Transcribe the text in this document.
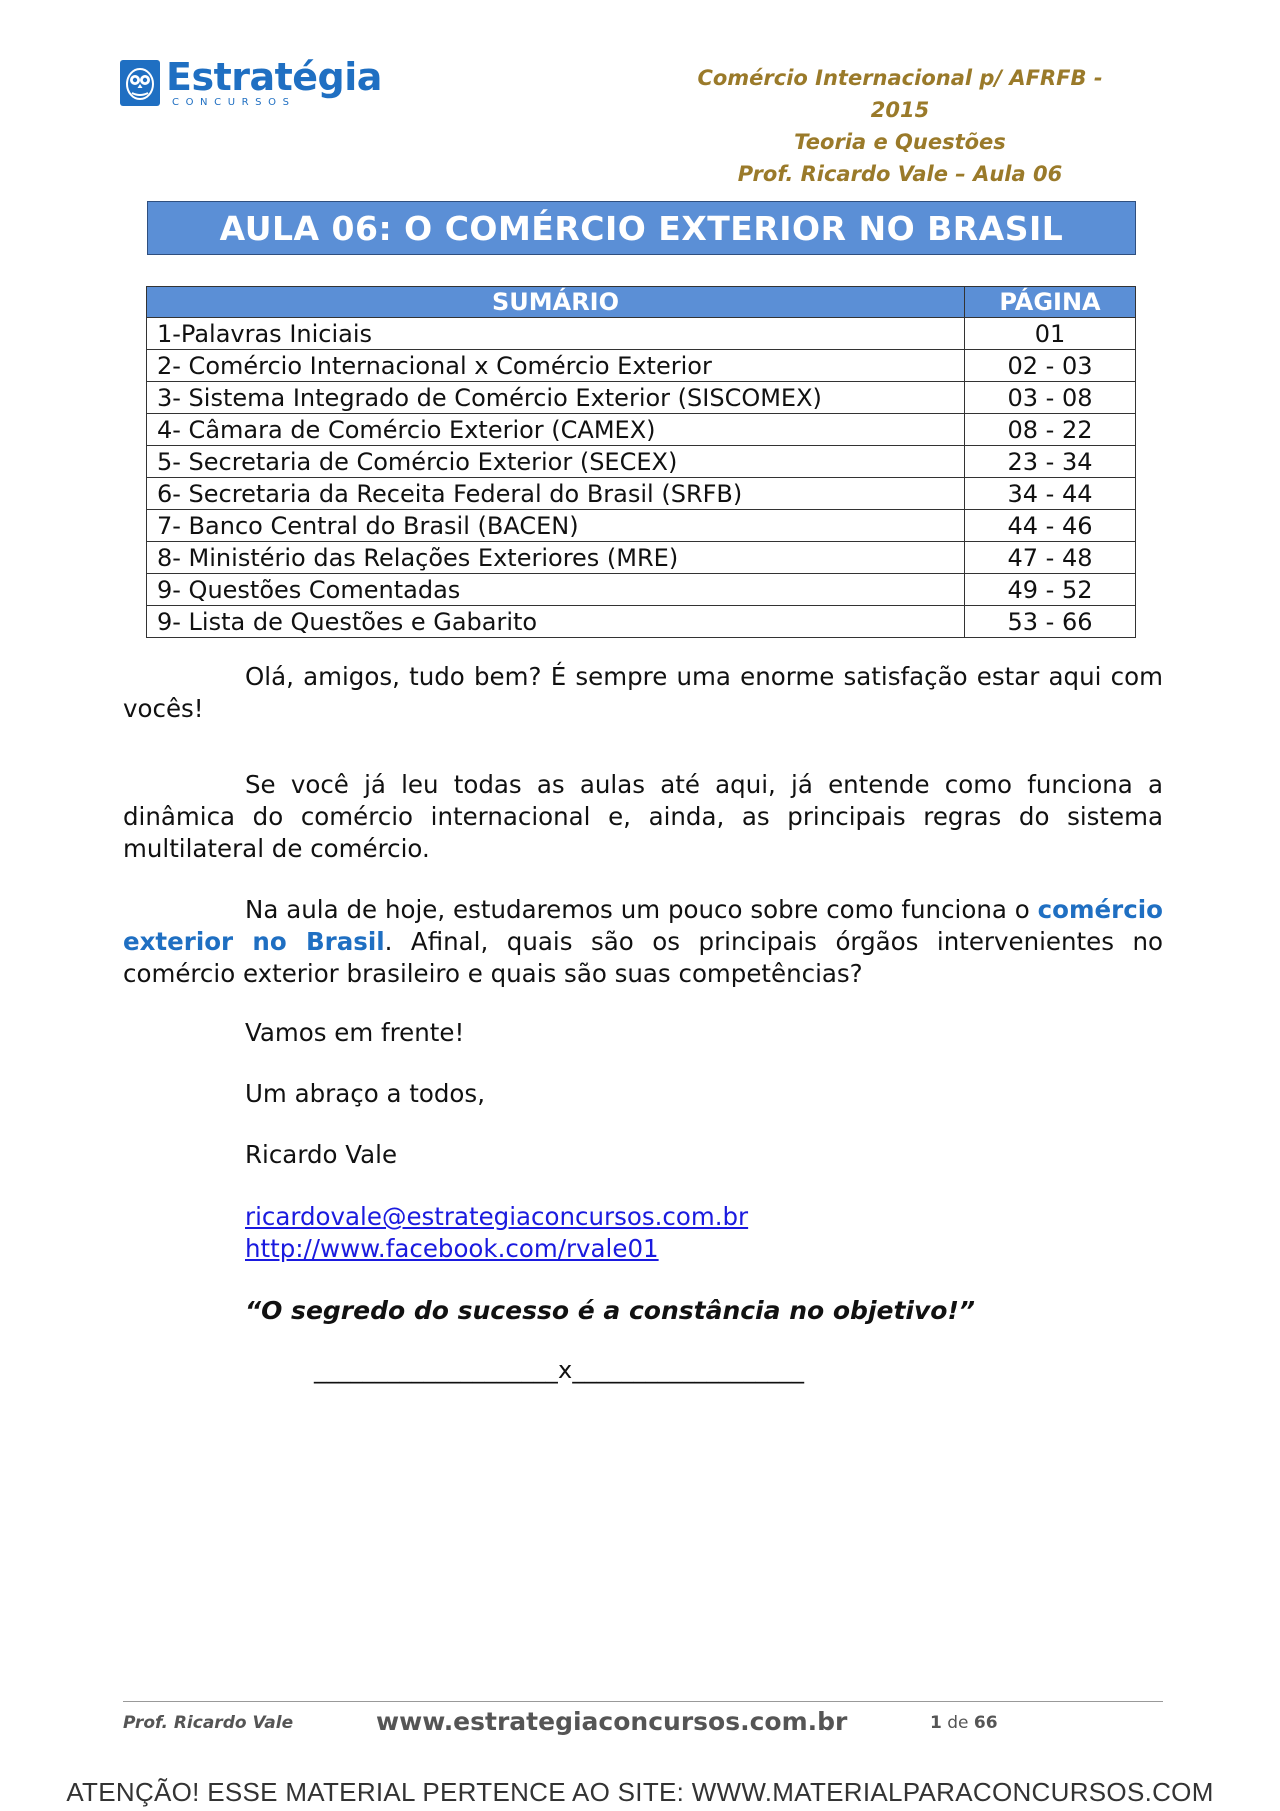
Estratégia
CONCURSOS
Comércio Internacional p/ AFRFB - 2015
Teoria e Questões
Prof. Ricardo Vale – Aula 06
AULA 06: O COMÉRCIO EXTERIOR NO BRASIL
SUMÁRIO	PÁGINA
1-Palavras Iniciais	01
2- Comércio Internacional x Comércio Exterior	02 - 03
3- Sistema Integrado de Comércio Exterior (SISCOMEX)	03 - 08
4- Câmara de Comércio Exterior (CAMEX)	08 - 22
5- Secretaria de Comércio Exterior (SECEX)	23 - 34
6- Secretaria da Receita Federal do Brasil (SRFB)	34 - 44
7- Banco Central do Brasil (BACEN)	44 - 46
8- Ministério das Relações Exteriores (MRE)	47 - 48
9- Questões Comentadas	49 - 52
9- Lista de Questões e Gabarito	53 - 66

Olá, amigos, tudo bem? É sempre uma enorme satisfação estar aqui com vocês!

Se você já leu todas as aulas até aqui, já entende como funciona a dinâmica do comércio internacional e, ainda, as principais regras do sistema multilateral de comércio.

Na aula de hoje, estudaremos um pouco sobre como funciona o comércio exterior no Brasil. Afinal, quais são os principais órgãos intervenientes no comércio exterior brasileiro e quais são suas competências?

Vamos em frente!
Um abraço a todos,
Ricardo Vale
ricardovale@estrategiaconcursos.com.br
http://www.facebook.com/rvale01
“O segredo do sucesso é a constância no objetivo!”
____________________x___________________
Prof. Ricardo Vale	www.estrategiaconcursos.com.br	1 de 66
ATENÇÃO! ESSE MATERIAL PERTENCE AO SITE: WWW.MATERIALPARACONCURSOS.COM
